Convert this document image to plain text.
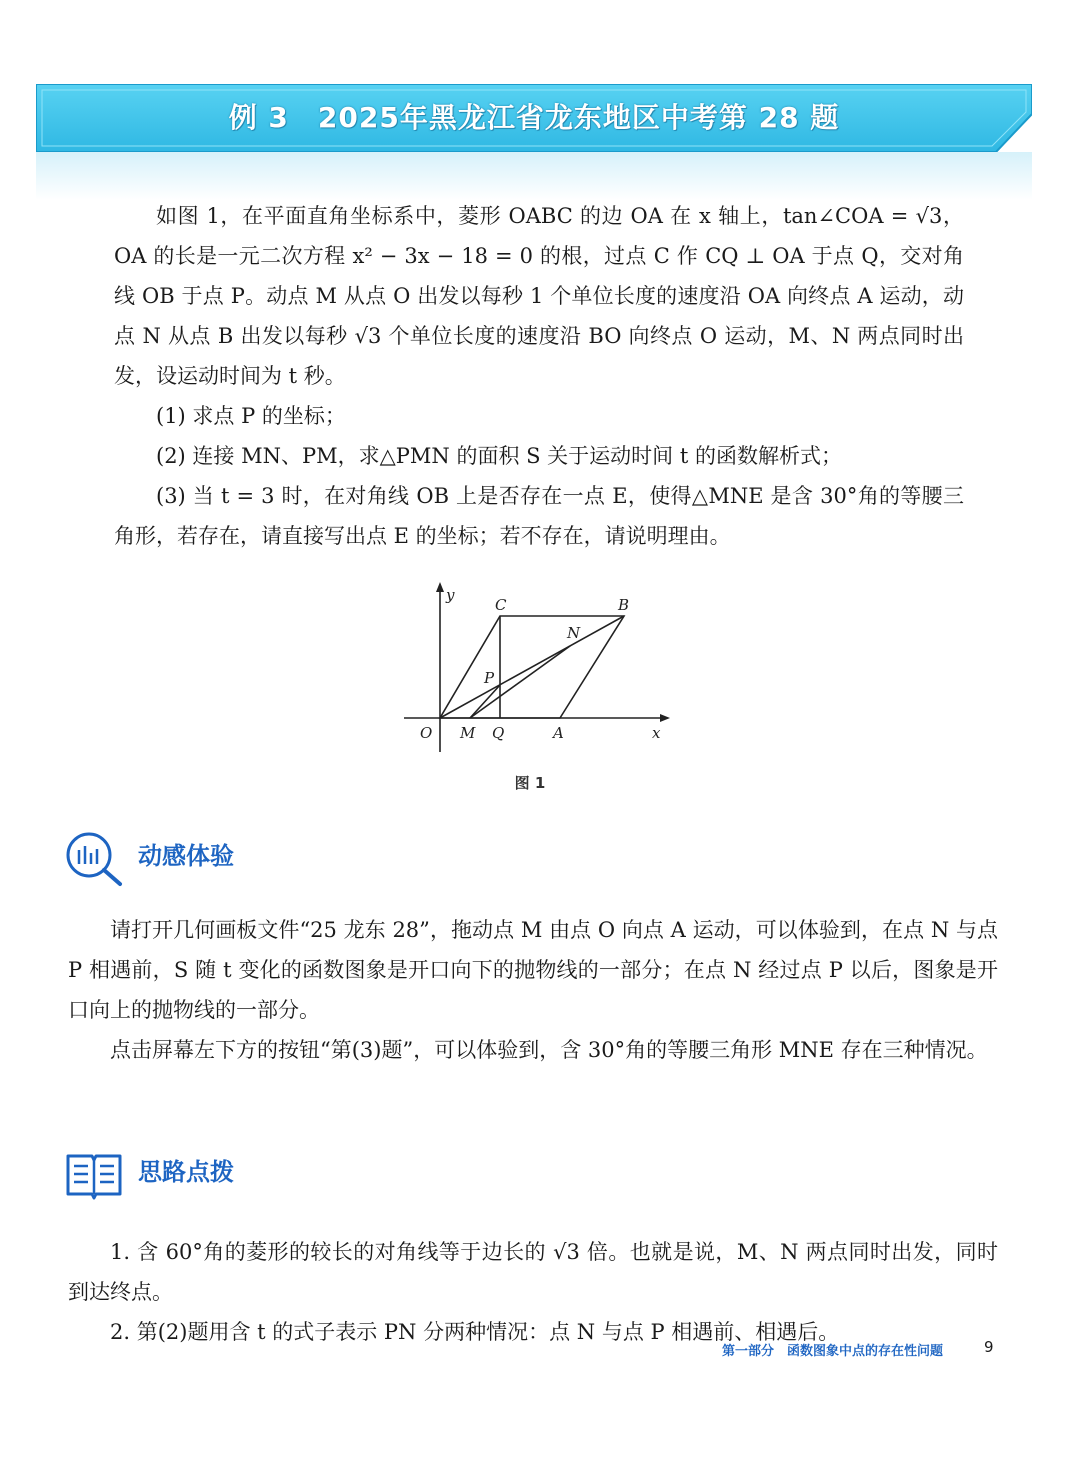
例 3　2025年黑龙江省龙东地区中考第 28 题

如图 1，在平面直角坐标系中，菱形 OABC 的边 OA 在 x 轴上，tan∠COA = √3，OA 的长是一元二次方程 x² − 3x − 18 = 0 的根，过点 C 作 CQ ⊥ OA 于点 Q，交对角线 OB 于点 P。动点 M 从点 O 出发以每秒 1 个单位长度的速度沿 OA 向终点 A 运动，动点 N 从点 B 出发以每秒 √3 个单位长度的速度沿 BO 向终点 O 运动，M、N 两点同时出发，设运动时间为 t 秒。

(1) 求点 P 的坐标；

(2) 连接 MN、PM，求△PMN 的面积 S 关于运动时间 t 的函数解析式；

(3) 当 t = 3 时，在对角线 OB 上是否存在一点 E，使得△MNE 是含 30°角的等腰三角形，若存在，请直接写出点 E 的坐标；若不存在，请说明理由。

y
x
O M Q	A
C	B
N
P
图 1
动感体验

请打开几何画板文件“25 龙东 28”，拖动点 M 由点 O 向点 A 运动，可以体验到，在点 N 与点 P 相遇前，S 随 t 变化的函数图象是开口向下的抛物线的一部分；在点 N 经过点 P 以后，图象是开口向上的抛物线的一部分。

点击屏幕左下方的按钮“第(3)题”，可以体验到，含 30°角的等腰三角形 MNE 存在三种情况。

思路点拨

1. 含 60°角的菱形的较长的对角线等于边长的 √3 倍。也就是说，M、N 两点同时出发，同时到达终点。

2. 第(2)题用含 t 的式子表示 PN 分两种情况：点 N 与点 P 相遇前、相遇后。

第一部分　函数图象中点的存在性问题	9
